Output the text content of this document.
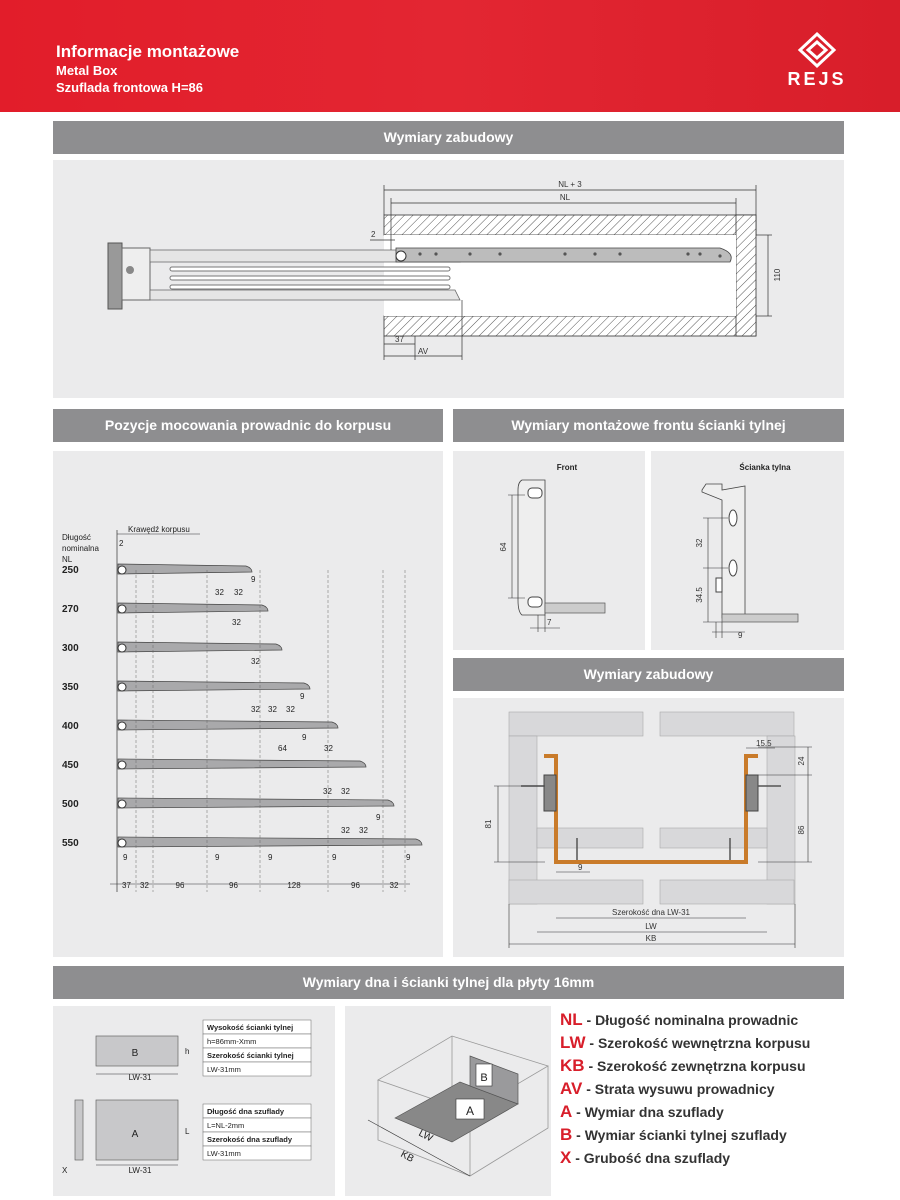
Informacje montażowe
Metal Box
Szuflada frontowa H=86	REJS
Wymiary zabudowy
Pozycje mocowania prowadnic do korpusu	Wymiary montażowe frontu ścianki tylnej
Wymiary zabudowy
Wymiary dna i ścianki tylnej dla płyty 16mm
NL + 3
NL
2
110
37
AV
Długość
nominalna
NL
Krawędź korpusu
2
250
32 32
9
270
32
300
32
350
9
32 32 32
400
9
64	32
450
32 32
500
9
32 32
550
9	9	9	9	9
37 32	96	96	128	96	32
Front
64
7
Ścianka tylna
32
34.5
9
81
24
86
15.5
9
Szerokość dna LW-31
LW
KB
B	h
LW-31
A	L
LW-31
X
Wysokość ścianki tylnej
h=86mm-Xmm
Szerokość ścianki tylnej
LW-31mm
Długość dna szuflady
L=NL-2mm
Szerokość dna szuflady
LW-31mm
B
A
LW
KB
NL - Długość nominalna prowadnic
LW - Szerokość wewnętrzna korpusu
KB - Szerokość zewnętrzna korpusu
AV - Strata wysuwu prowadnicy
A - Wymiar dna szuflady
B - Wymiar ścianki tylnej szuflady
X - Grubość dna szuflady
